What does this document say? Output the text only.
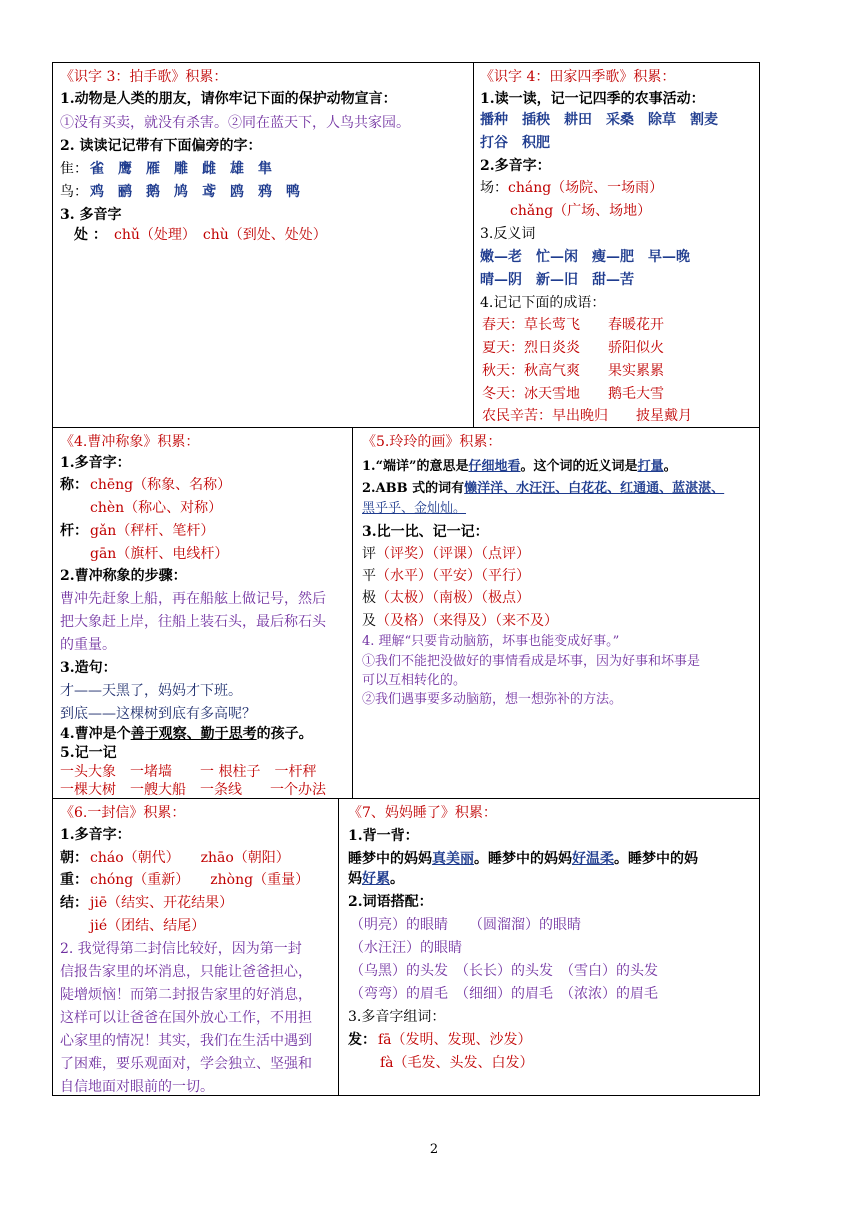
《识字 3：拍手歌》积累：
1.动物是人类的朋友，请你牢记下面的保护动物宣言：
①没有买卖，就没有杀害。②同在蓝天下，人鸟共家园。
2. 读读记记带有下面偏旁的字：
隹： 雀　鹰　雁　雕　雌　雄　隼
鸟： 鸡　鹂　鹅　鸠　鸢　鸥　鸦　鸭
3. 多音字
　处 ： chǔ（处理）　chù（到处、处处）
《识字 4：田家四季歌》积累：
1.读一读，记一记四季的农事活动：
播种　插秧　耕田　采桑　除草　割麦
打谷　积肥
2.多音字：
场： cháng（场院、一场雨）
chǎng（广场、场地）
3.反义词
嫩—老　忙—闲　瘦—肥　早—晚
晴—阴　新—旧　甜—苦
4.记记下面的成语：
春天：草长莺飞　　春暖花开
夏天：烈日炎炎　　骄阳似火
秋天：秋高气爽　　果实累累
冬天：冰天雪地　　鹅毛大雪
农民辛苦：早出晚归　　披星戴月
《4.曹冲称象》积累：
1.多音字：
称： chēng（称象、名称）
chèn（称心、对称）
杆： gǎn（秤杆、笔杆）
gān（旗杆、电线杆）
2.曹冲称象的步骤：
曹冲先赶象上船，再在船舷上做记号，然后
把大象赶上岸，往船上装石头，最后称石头
的重量。
3.造句：
才——天黑了，妈妈才下班。
到底——这棵树到底有多高呢？
4.曹冲是个善于观察、勤于思考的孩子。
5.记一记
一头大象　一堵墙　　一 根柱子　一杆秤
一棵大树　一艘大船　一条线　　一个办法
《5.玲玲的画》积累：
1.“端详”的意思是仔细地看。这个词的近义词是打量。
2.ABB 式的词有懒洋洋、水汪汪、白花花、红通通、蓝湛湛、
黑乎乎、金灿灿。
3.比一比、记一记：
评 （评奖）（评课）（点评）
平 （水平）（平安）（平行）
极 （太极）（南极）（极点）
及 （及格）（来得及）（来不及）
4. 理解“只要肯动脑筋，坏事也能变成好事。”
①我们不能把没做好的事情看成是坏事，因为好事和坏事是
可以互相转化的。
②我们遇事要多动脑筋，想一想弥补的方法。
《6.一封信》积累：
1.多音字：
朝： cháo（朝代）　　zhāo（朝阳）
重： chóng（重新）　　zhòng（重量）
结： jiē（结实、开花结果）
jié（团结、结尾）
2. 我觉得第二封信比较好，因为第一封
信报告家里的坏消息，只能让爸爸担心，
陡增烦恼！而第二封报告家里的好消息，
这样可以让爸爸在国外放心工作，不用担
心家里的情况！其实，我们在生活中遇到
了困难，要乐观面对，学会独立、坚强和
自信地面对眼前的一切。
《7、妈妈睡了》积累：
1.背一背：
睡梦中的妈妈真美丽。睡梦中的妈妈好温柔。睡梦中的妈
妈好累。
2.词语搭配：
（明亮）的眼睛　　（圆溜溜）的眼睛
（水汪汪）的眼睛
（乌黑）的头发　（长长）的头发　（雪白）的头发
（弯弯）的眉毛　（细细）的眉毛　（浓浓）的眉毛
3.多音字组词：
发： fā（发明、发现、沙发）
fà（毛发、头发、白发）
2
